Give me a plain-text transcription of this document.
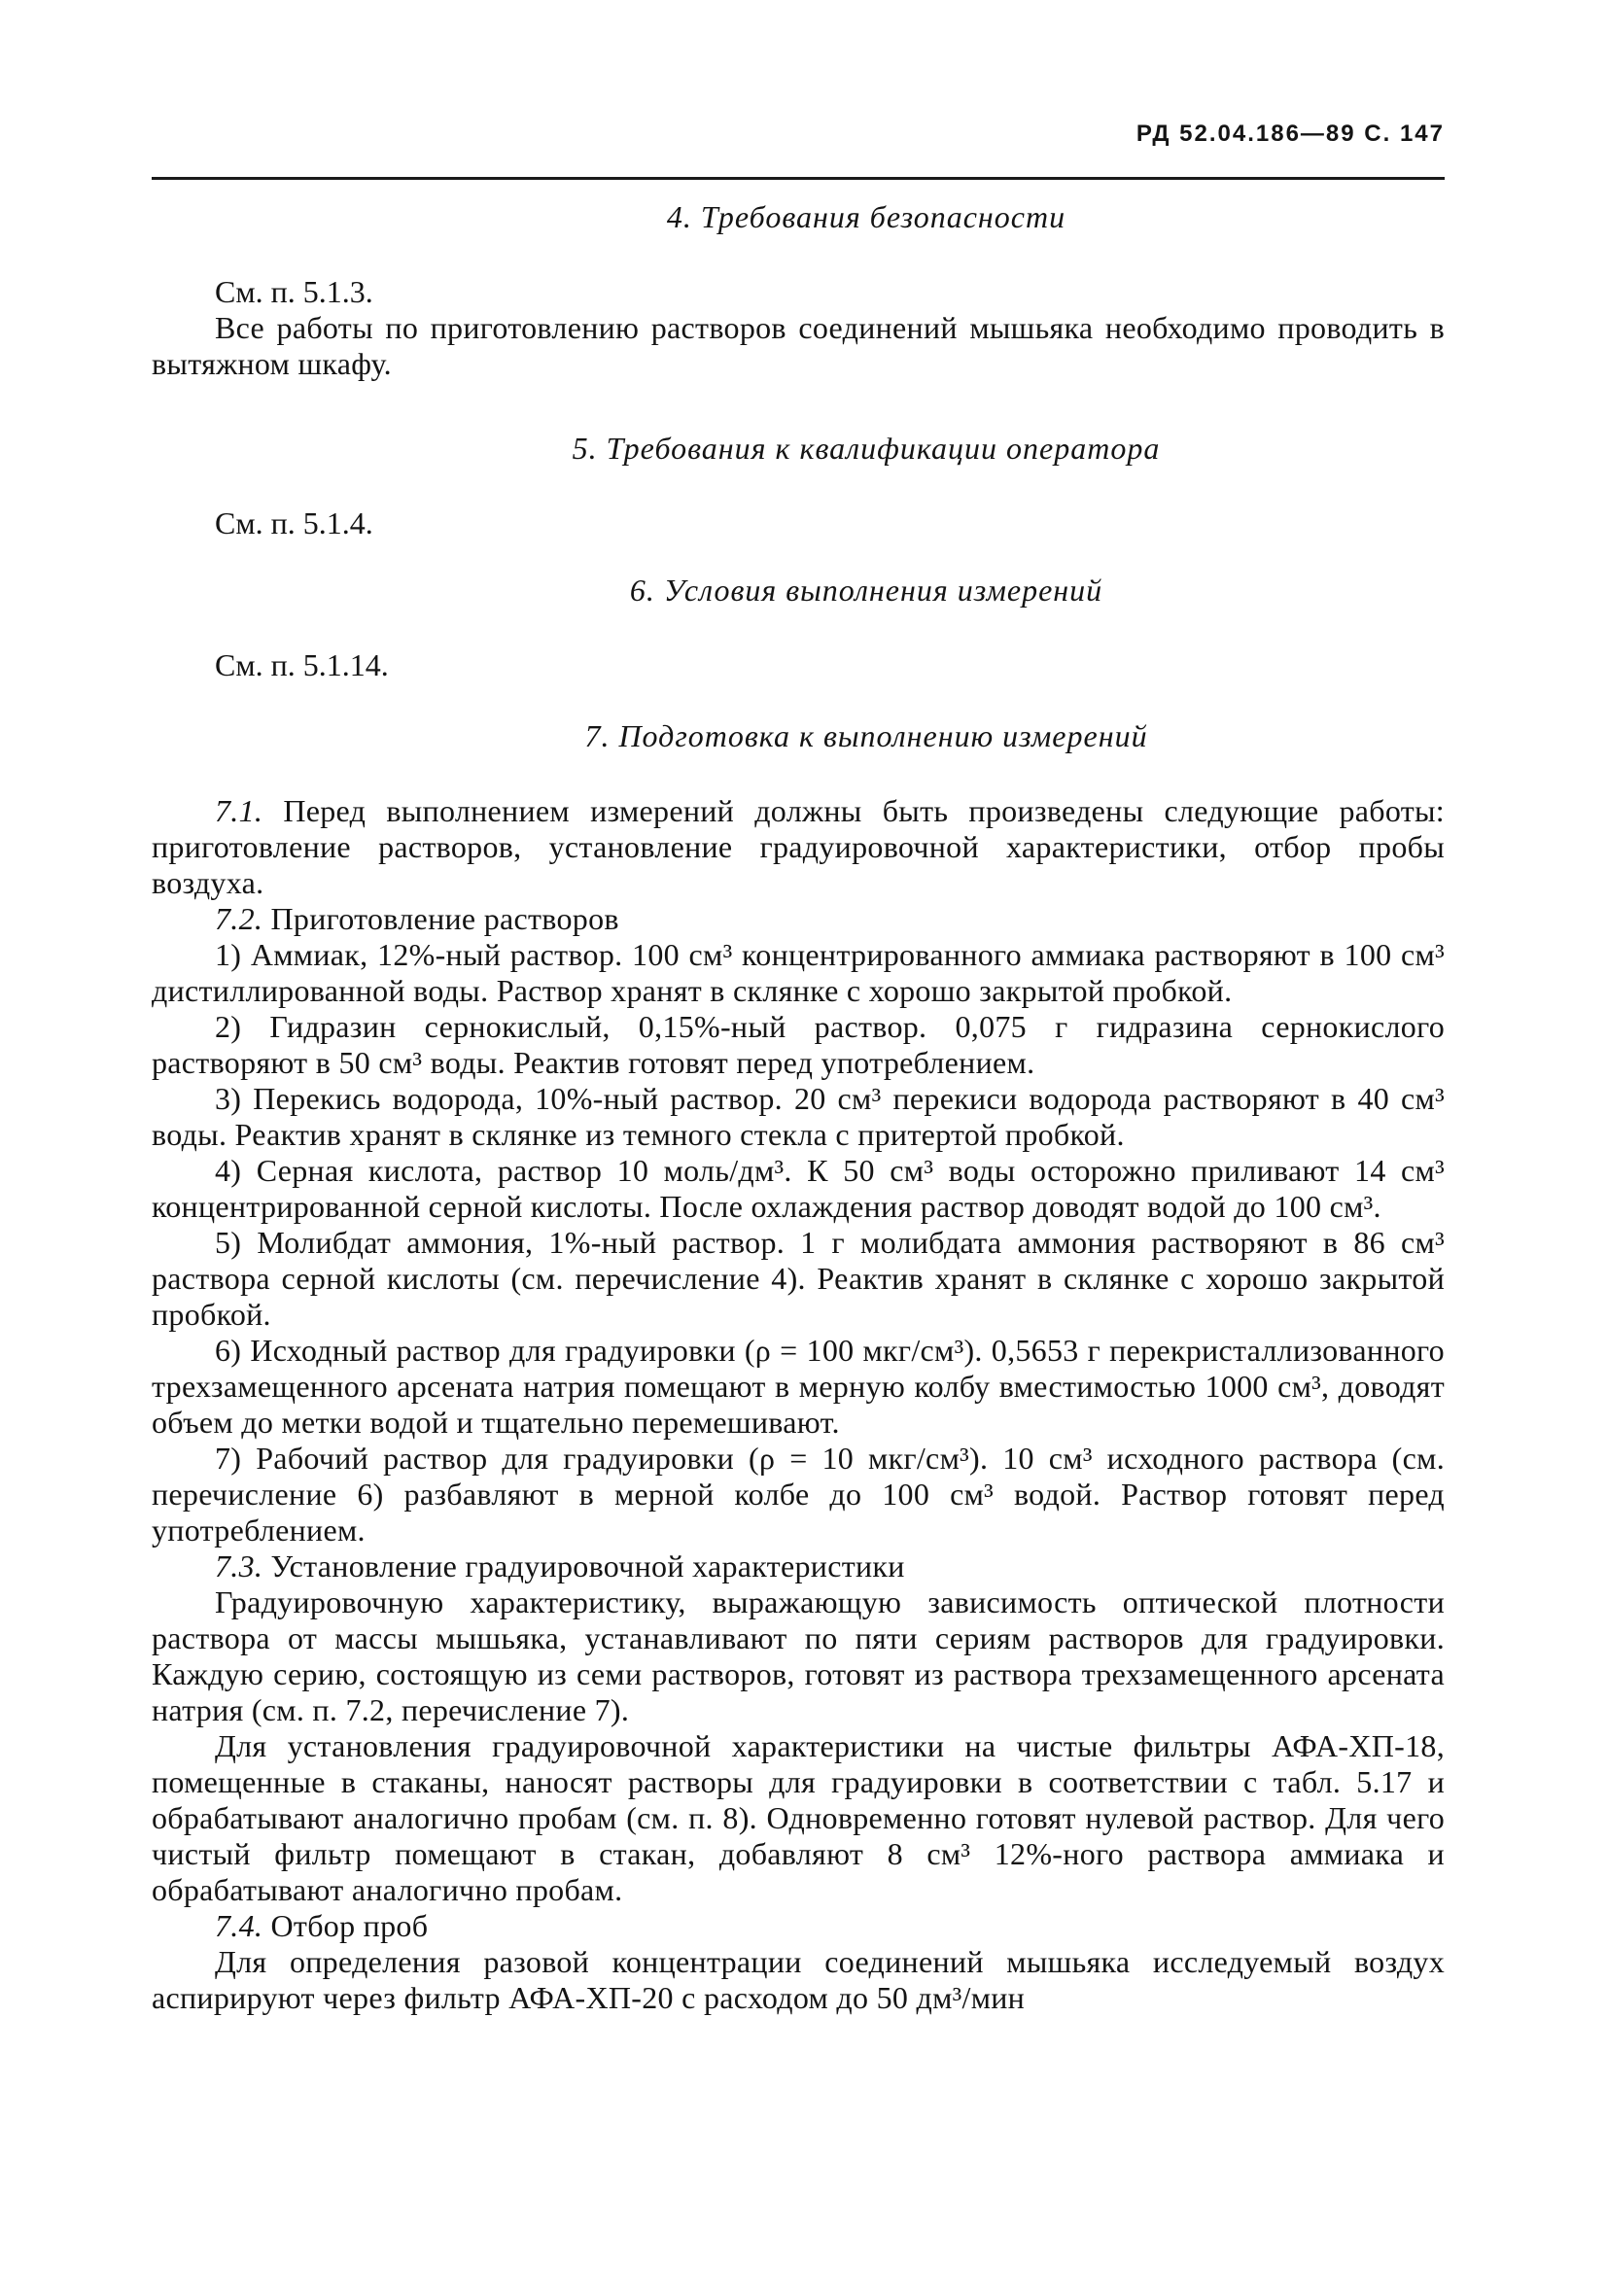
РД 52.04.186—89 С. 147

4. Требования безопасности

См. п. 5.1.3.

Все работы по приготовлению растворов соединений мышьяка необходимо проводить в вытяжном шкафу.

5. Требования к квалификации оператора

См. п. 5.1.4.

6. Условия выполнения измерений

См. п. 5.1.14.

7. Подготовка к выполнению измерений

7.1. Перед выполнением измерений должны быть произведены следующие работы: приготовление растворов, установление градуировочной характеристики, отбор пробы воздуха.

7.2. Приготовление растворов

1) Аммиак, 12%-ный раствор. 100 см³ концентрированного аммиака растворяют в 100 см³ дистиллированной воды. Раствор хранят в склянке с хорошо закрытой пробкой.

2) Гидразин сернокислый, 0,15%-ный раствор. 0,075 г гидразина сернокислого растворяют в 50 см³ воды. Реактив готовят перед употреблением.

3) Перекись водорода, 10%-ный раствор. 20 см³ перекиси водорода растворяют в 40 см³ воды. Реактив хранят в склянке из темного стекла с притертой пробкой.

4) Серная кислота, раствор 10 моль/дм³. К 50 см³ воды осторожно приливают 14 см³ концентрированной серной кислоты. После охлаждения раствор доводят водой до 100 см³.

5) Молибдат аммония, 1%-ный раствор. 1 г молибдата аммония растворяют в 86 см³ раствора серной кислоты (см. перечисление 4). Реактив хранят в склянке с хорошо закрытой пробкой.

6) Исходный раствор для градуировки (ρ = 100 мкг/см³). 0,5653 г перекристаллизованного трехзамещенного арсената натрия помещают в мерную колбу вместимостью 1000 см³, доводят объем до метки водой и тщательно перемешивают.

7) Рабочий раствор для градуировки (ρ = 10 мкг/см³). 10 см³ исходного раствора (см. перечисление 6) разбавляют в мерной колбе до 100 см³ водой. Раствор готовят перед употреблением.

7.3. Установление градуировочной характеристики

Градуировочную характеристику, выражающую зависимость оптической плотности раствора от массы мышьяка, устанавливают по пяти сериям растворов для градуировки. Каждую серию, состоящую из семи растворов, готовят из раствора трехзамещенного арсената натрия (см. п. 7.2, перечисление 7).

Для установления градуировочной характеристики на чистые фильтры АФА-ХП-18, помещенные в стаканы, наносят растворы для градуировки в соответствии с табл. 5.17 и обрабатывают аналогично пробам (см. п. 8). Одновременно готовят нулевой раствор. Для чего чистый фильтр помещают в стакан, добавляют 8 см³ 12%-ного раствора аммиака и обрабатывают аналогично пробам.

7.4. Отбор проб

Для определения разовой концентрации соединений мышьяка исследуемый воздух аспирируют через фильтр АФА-ХП-20 с расходом до 50 дм³/мин
